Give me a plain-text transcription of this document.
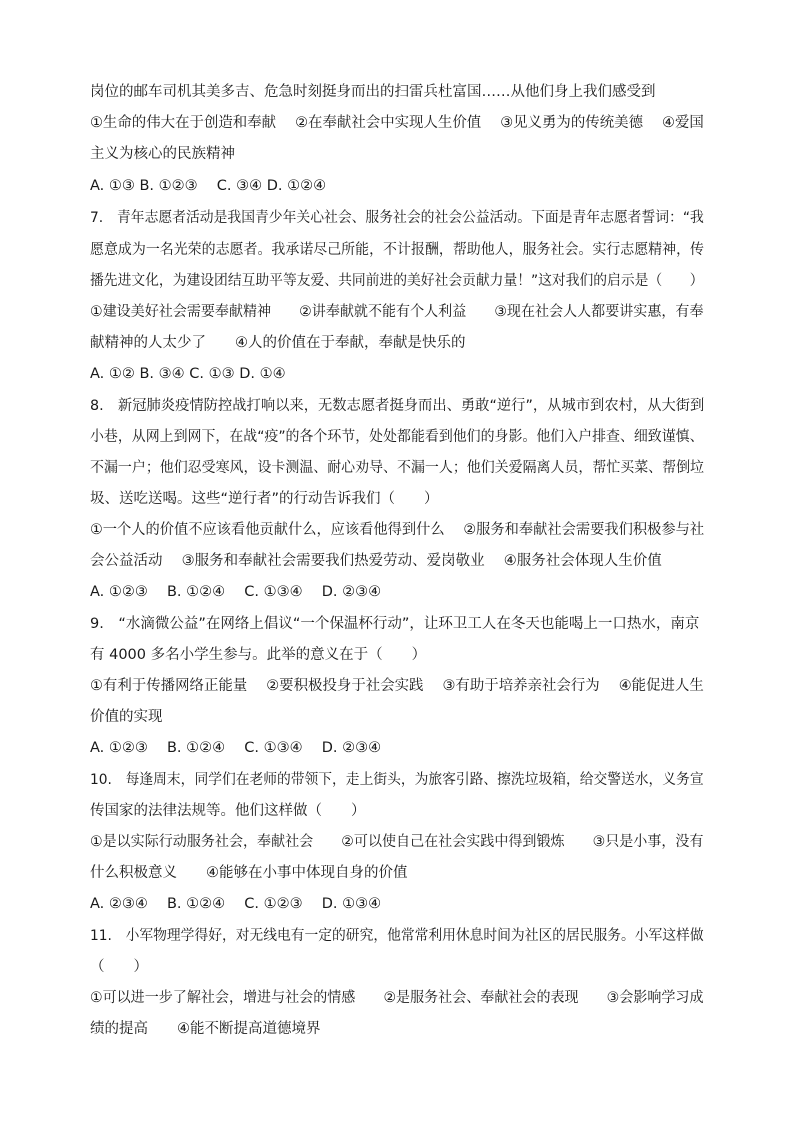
岗位的邮车司机其美多吉、危急时刻挺身而出的扫雷兵杜富国……从他们身上我们感受到
①生命的伟大在于创造和奉献　 ②在奉献社会中实现人生价值　 ③见义勇为的传统美德　 ④爱国
主义为核心的民族精神
A. ①③ B. ①②③　 C. ③④ D. ①②④
7.　青年志愿者活动是我国青少年关心社会、服务社会的社会公益活动。下面是青年志愿者誓词：“我
愿意成为一名光荣的志愿者。我承诺尽己所能，不计报酬，帮助他人，服务社会。实行志愿精神，传
播先进文化，为建设团结互助平等友爱、共同前进的美好社会贡献力量！”这对我们的启示是（　　）
①建设美好社会需要奉献精神　　②讲奉献就不能有个人利益　　③现在社会人人都要讲实惠，有奉
献精神的人太少了　　④人的价值在于奉献，奉献是快乐的
A. ①② B. ③④ C. ①③ D. ①④
8.　新冠肺炎疫情防控战打响以来，无数志愿者挺身而出、勇敢“逆行”，从城市到农村，从大街到
小巷，从网上到网下，在战“疫”的各个环节，处处都能看到他们的身影。他们入户排查、细致谨慎、
不漏一户；他们忍受寒风，设卡测温、耐心劝导、不漏一人；他们关爱隔离人员，帮忙买菜、帮倒垃
圾、送吃送喝。这些“逆行者”的行动告诉我们（　　）
①一个人的价值不应该看他贡献什么，应该看他得到什么　 ②服务和奉献社会需要我们积极参与社
会公益活动　 ③服务和奉献社会需要我们热爱劳动、爱岗敬业　 ④服务社会体现人生价值
A. ①②③　 B. ①②④　 C. ①③④　 D. ②③④
9.　“水滴微公益”在网络上倡议“一个保温杯行动”，让环卫工人在冬天也能喝上一口热水，南京
有 4000 多名小学生参与。此举的意义在于（　　）
①有利于传播网络正能量　 ②要积极投身于社会实践　 ③有助于培养亲社会行为　 ④能促进人生
价值的实现
A. ①②③　 B. ①②④　 C. ①③④　 D. ②③④
10.　每逢周末，同学们在老师的带领下，走上街头，为旅客引路、擦洗垃圾箱，给交警送水，义务宣
传国家的法律法规等。他们这样做（　　）
①是以实际行动服务社会，奉献社会　　②可以使自己在社会实践中得到锻炼　　③只是小事，没有
什么积极意义　　④能够在小事中体现自身的价值
A. ②③④　 B. ①②④　 C. ①②③　 D. ①③④
11.　小军物理学得好，对无线电有一定的研究，他常常利用休息时间为社区的居民服务。小军这样做
（　　）
①可以进一步了解社会，增进与社会的情感　　②是服务社会、奉献社会的表现　　③会影响学习成
绩的提高　　④能不断提高道德境界
